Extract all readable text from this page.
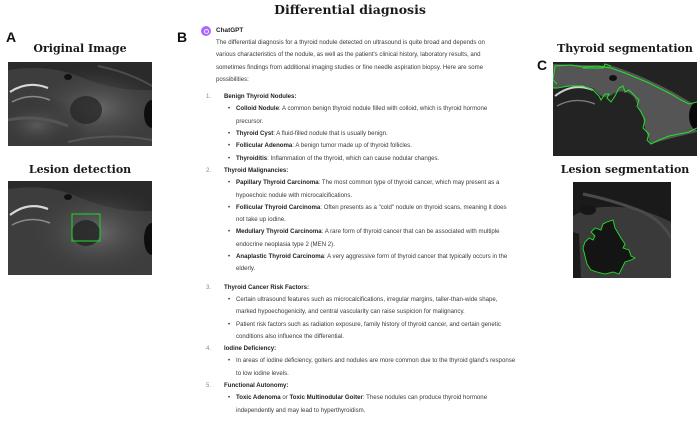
Differential diagnosis
A
Original Image
Lesion detection
B	ChatGPT
The differential diagnosis for a thyroid nodule detected on ultrasound is quite broad and depends on various characteristics of the nodule, as well as the patient's clinical history, laboratory results, and sometimes findings from additional imaging studies or fine needle aspiration biopsy. Here are some possibilities:
1. Benign Thyroid Nodules:
• Colloid Nodule: A common benign thyroid nodule filled with colloid, which is thyroid hormone precursor.
• Thyroid Cyst: A fluid-filled nodule that is usually benign.
• Follicular Adenoma: A benign tumor made up of thyroid follicles.
• Thyroiditis: Inflammation of the thyroid, which can cause nodular changes.
2. Thyroid Malignancies:
• Papillary Thyroid Carcinoma: The most common type of thyroid cancer, which may present as a hypoechoic nodule with microcalcifications.
• Follicular Thyroid Carcinoma: Often presents as a "cold" nodule on thyroid scans, meaning it does not take up iodine.
• Medullary Thyroid Carcinoma: A rare form of thyroid cancer that can be associated with multiple endocrine neoplasia type 2 (MEN 2).
• Anaplastic Thyroid Carcinoma: A very aggressive form of thyroid cancer that typically occurs in the elderly.
3. Thyroid Cancer Risk Factors:
• Certain ultrasound features such as microcalcifications, irregular margins, taller-than-wide shape, marked hypoechogenicity, and central vascularity can raise suspicion for malignancy.
• Patient risk factors such as radiation exposure, family history of thyroid cancer, and certain genetic conditions also influence the differential.
4. Iodine Deficiency:
• In areas of iodine deficiency, goiters and nodules are more common due to the thyroid gland's response to low iodine levels.
5. Functional Autonomy:
• Toxic Adenoma or Toxic Multinodular Goiter: These nodules can produce thyroid hormone independently and may lead to hyperthyroidism.
Thyroid segmentation
C
Lesion segmentation
